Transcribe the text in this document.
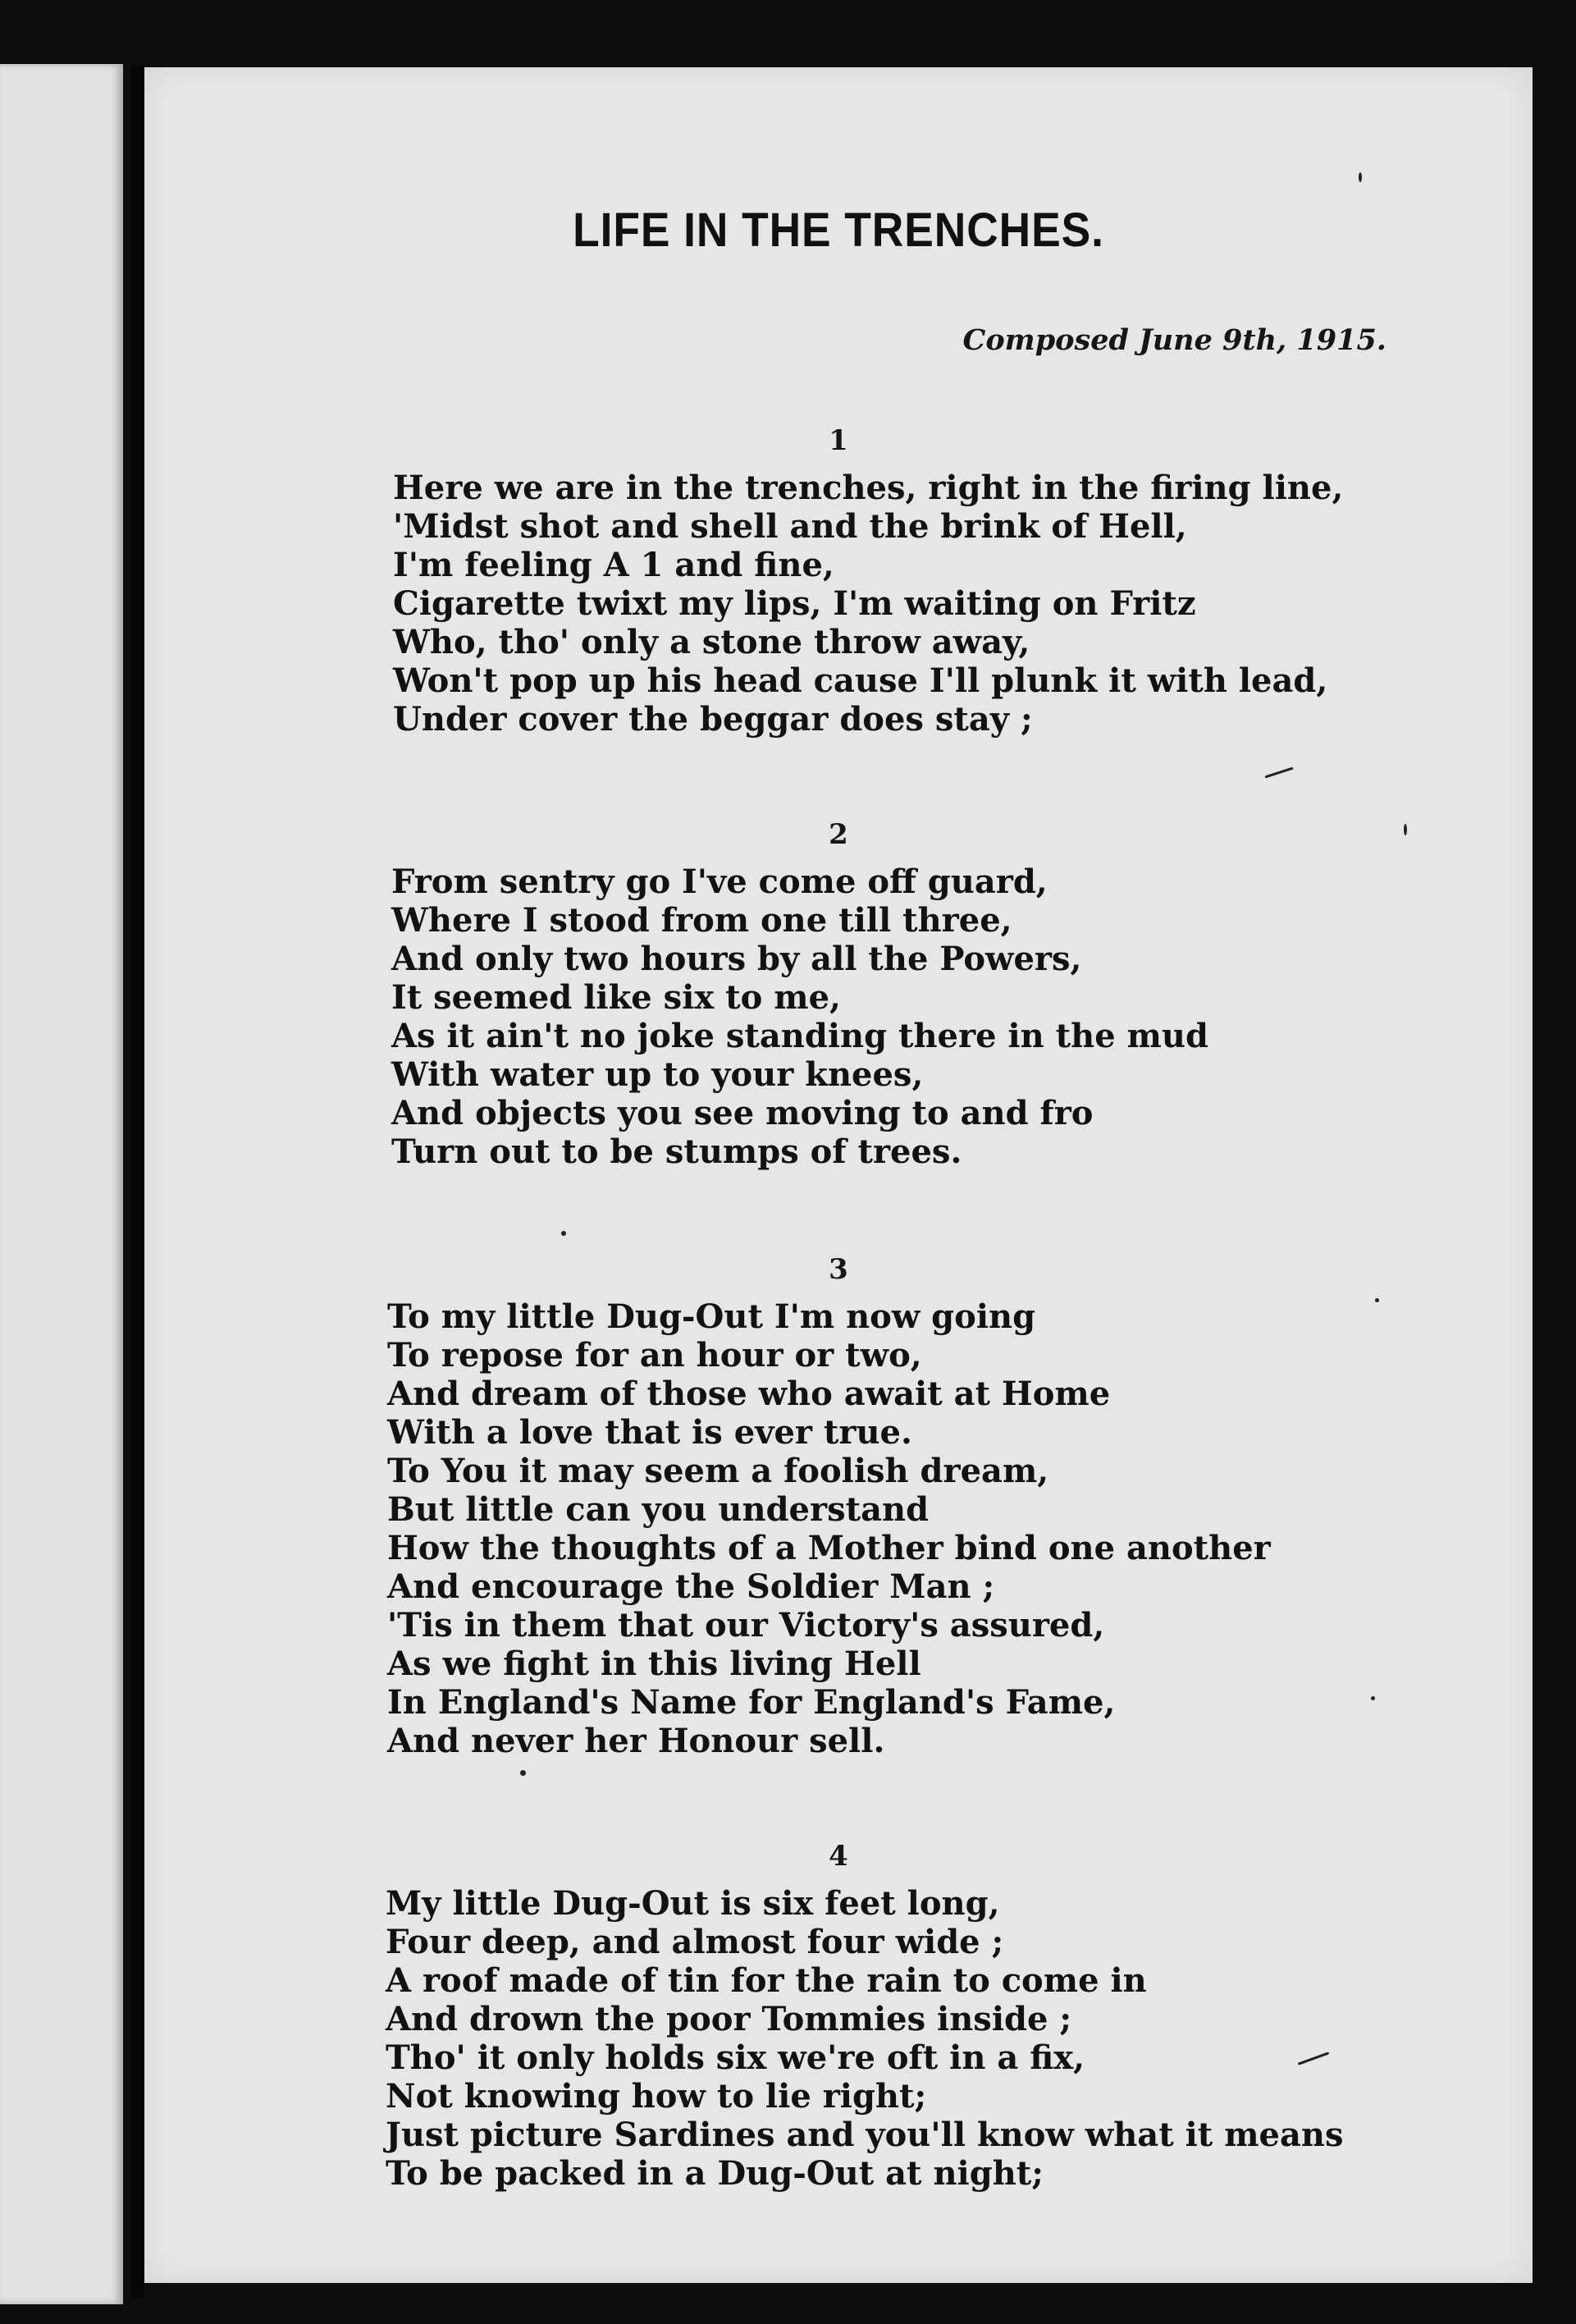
LIFE IN THE TRENCHES.

Composed June 9th, 1915.

1
Here we are in the trenches, right in the firing line,
'Midst shot and shell and the brink of Hell,
I'm feeling A 1 and fine,
Cigarette twixt my lips, I'm waiting on Fritz
Who, tho' only a stone throw away,
Won't pop up his head cause I'll plunk it with lead,
Under cover the beggar does stay ;
2
From sentry go I've come off guard,
Where I stood from one till three,
And only two hours by all the Powers,
It seemed like six to me,
As it ain't no joke standing there in the mud
With water up to your knees,
And objects you see moving to and fro
Turn out to be stumps of trees.
3
To my little Dug-Out I'm now going
To repose for an hour or two,
And dream of those who await at Home
With a love that is ever true.
To You it may seem a foolish dream,
But little can you understand
How the thoughts of a Mother bind one another
And encourage the Soldier Man ;
'Tis in them that our Victory's assured,
As we fight in this living Hell
In England's Name for England's Fame,
And never her Honour sell.
4
My little Dug-Out is six feet long,
Four deep, and almost four wide ;
A roof made of tin for the rain to come in
And drown the poor Tommies inside ;
Tho' it only holds six we're oft in a fix,
Not knowing how to lie right;
Just picture Sardines and you'll know what it means
To be packed in a Dug-Out at night;
